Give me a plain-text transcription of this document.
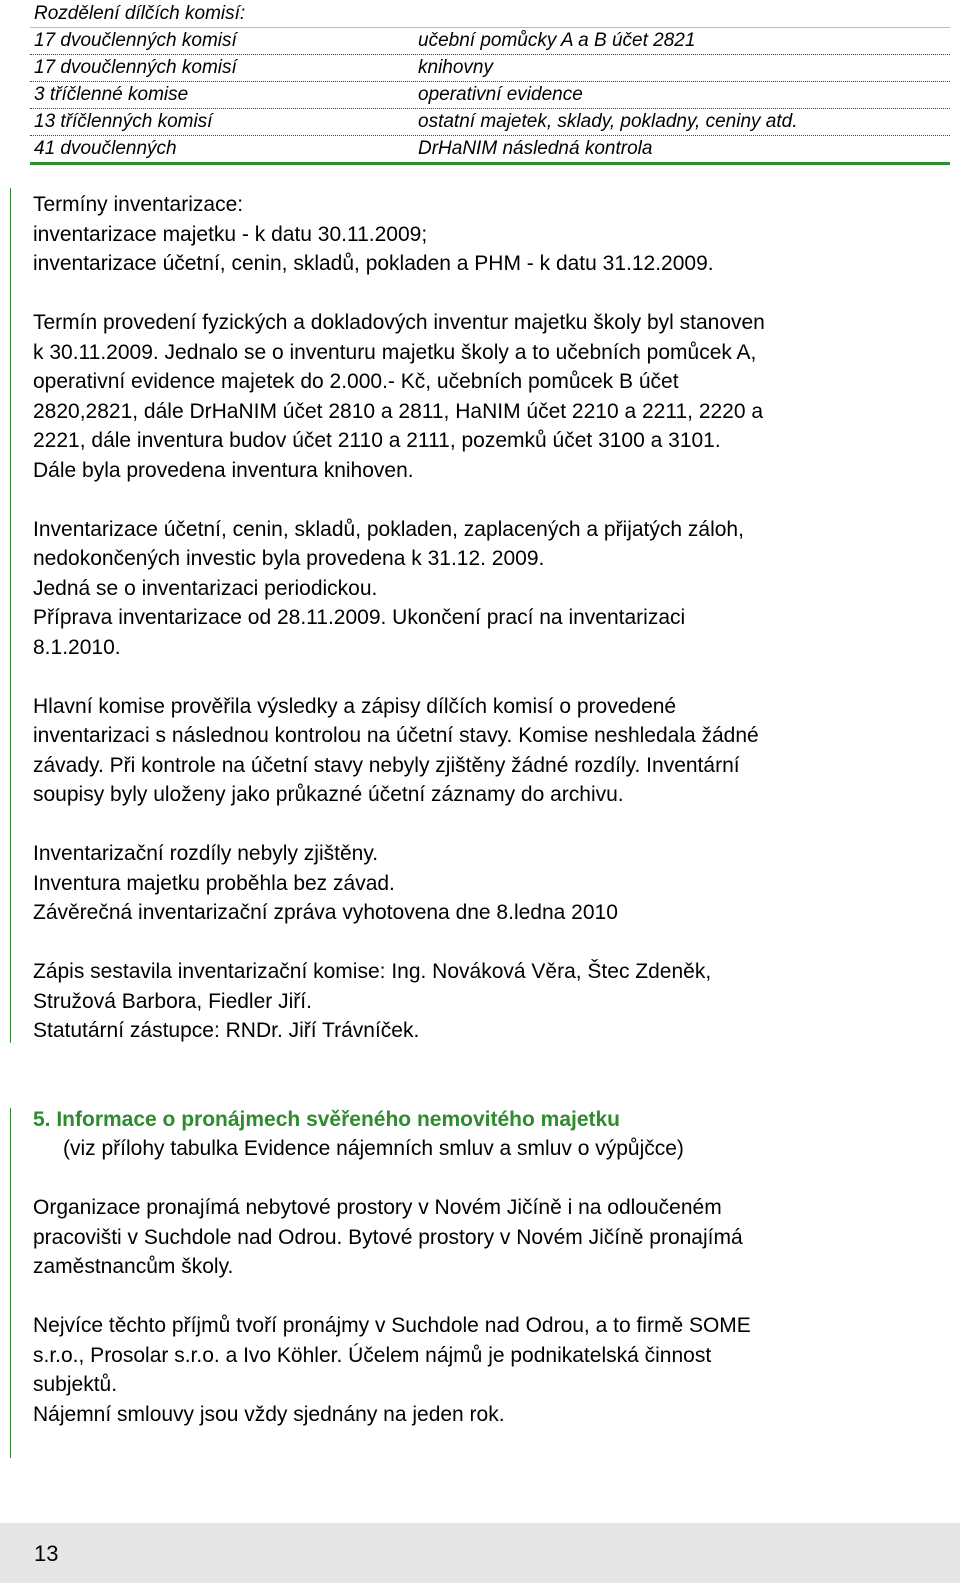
Rozdělení dílčích komisí:
17 dvoučlenných komisí	učební pomůcky A a B účet 2821
17 dvoučlenných komisí	knihovny
3 tříčlenné komise	operativní evidence
13 tříčlenných komisí	ostatní majetek, sklady, pokladny, ceniny atd.
41 dvoučlenných	DrHaNIM následná kontrola

Termíny inventarizace:

inventarizace majetku - k datu 30.11.2009;

inventarizace účetní, cenin, skladů, pokladen a PHM - k datu 31.12.2009.

Termín provedení fyzických a dokladových inventur majetku školy byl stanoven

k 30.11.2009. Jednalo se o inventuru majetku školy a to učebních pomůcek A,

operativní evidence majetek do 2.000.- Kč, učebních pomůcek B účet

2820,2821, dále DrHaNIM účet 2810 a 2811, HaNIM účet 2210 a 2211, 2220 a

2221, dále inventura budov účet 2110 a 2111, pozemků účet 3100 a 3101.

Dále byla provedena inventura knihoven.

Inventarizace účetní, cenin, skladů, pokladen, zaplacených a přijatých záloh,

nedokončených investic byla provedena k 31.12. 2009.

Jedná se o inventarizaci periodickou.

Příprava inventarizace od 28.11.2009. Ukončení prací na inventarizaci

8.1.2010.

Hlavní komise prověřila výsledky a zápisy dílčích komisí o provedené

inventarizaci s následnou kontrolou na účetní stavy. Komise neshledala žádné

závady. Při kontrole na účetní stavy nebyly zjištěny žádné rozdíly. Inventární

soupisy byly uloženy jako průkazné účetní záznamy do archivu.

Inventarizační rozdíly nebyly zjištěny.

Inventura majetku proběhla bez závad.

Závěrečná inventarizační zpráva vyhotovena dne 8.ledna 2010

Zápis sestavila inventarizační komise: Ing. Nováková Věra, Štec Zdeněk,

Stružová Barbora, Fiedler Jiří.

Statutární zástupce: RNDr. Jiří Trávníček.

5. Informace o pronájmech svěřeného nemovitého majetku

(viz přílohy tabulka Evidence nájemních smluv a smluv o výpůjčce)

Organizace pronajímá nebytové prostory v Novém Jičíně i na odloučeném

pracovišti v Suchdole nad Odrou. Bytové prostory v Novém Jičíně pronajímá

zaměstnancům školy.

Nejvíce těchto příjmů tvoří pronájmy v Suchdole nad Odrou, a to firmě SOME

s.r.o., Prosolar s.r.o. a Ivo Köhler. Účelem nájmů je podnikatelská činnost

subjektů.

Nájemní smlouvy jsou vždy sjednány na jeden rok.

13
